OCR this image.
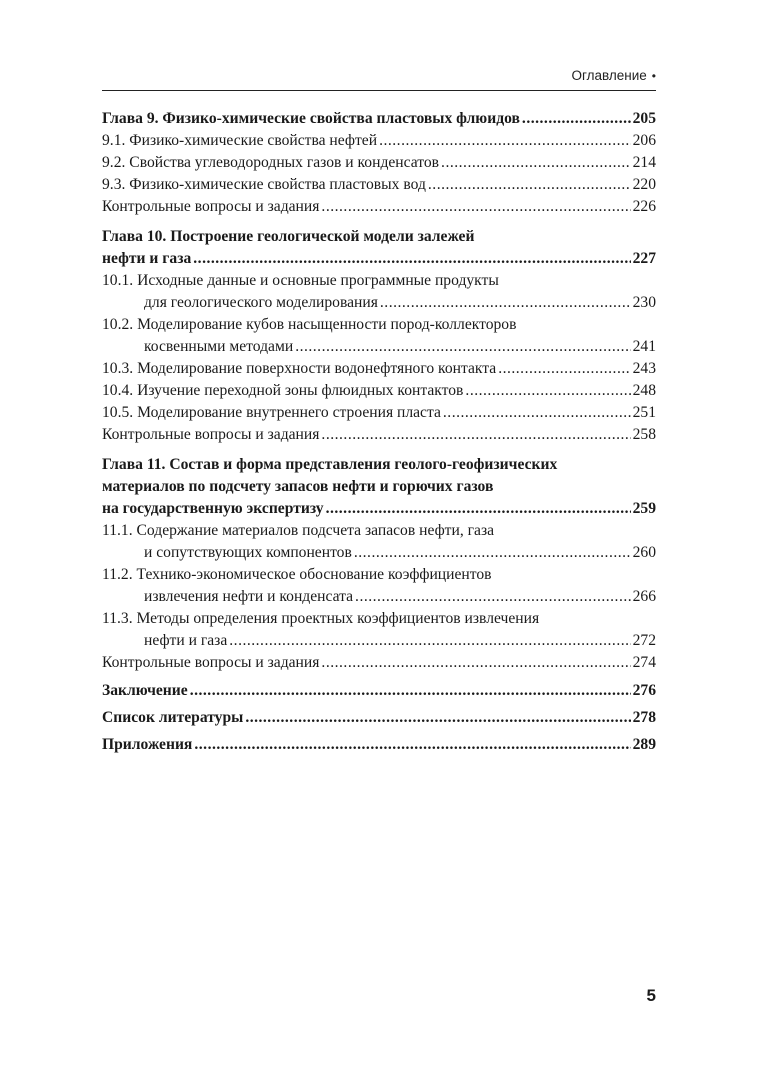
Оглавление •
Глава 9. Физико-химические свойства пластовых флюидов .....	205
9.1. Физико-химические свойства нефтей .....	206
9.2. Свойства углеводородных газов и конденсатов .....	214
9.3. Физико-химические свойства пластовых вод .....	220
Контрольные вопросы и задания .....	226
Глава 10. Построение геологической модели залежей
нефти и газа .....	227
10.1. Исходные данные и основные программные продукты
для геологического моделирования .....	230
10.2. Моделирование кубов насыщенности пород-коллекторов
косвенными методами .....	241
10.3. Моделирование поверхности водонефтяного контакта .....	243
10.4. Изучение переходной зоны флюидных контактов .....	248
10.5. Моделирование внутреннего строения пласта .....	251
Контрольные вопросы и задания .....	258
Глава 11. Состав и форма представления геолого-геофизических
материалов по подсчету запасов нефти и горючих газов
на государственную экспертизу .....	259
11.1. Содержание материалов подсчета запасов нефти, газа
и сопутствующих компонентов .....	260
11.2. Технико-экономическое обоснование коэффициентов
извлечения нефти и конденсата .....	266
11.3. Методы определения проектных коэффициентов извлечения
нефти и газа .....	272
Контрольные вопросы и задания .....	274
Заключение .....	276
Список литературы .....	278
Приложения .....	289
5
